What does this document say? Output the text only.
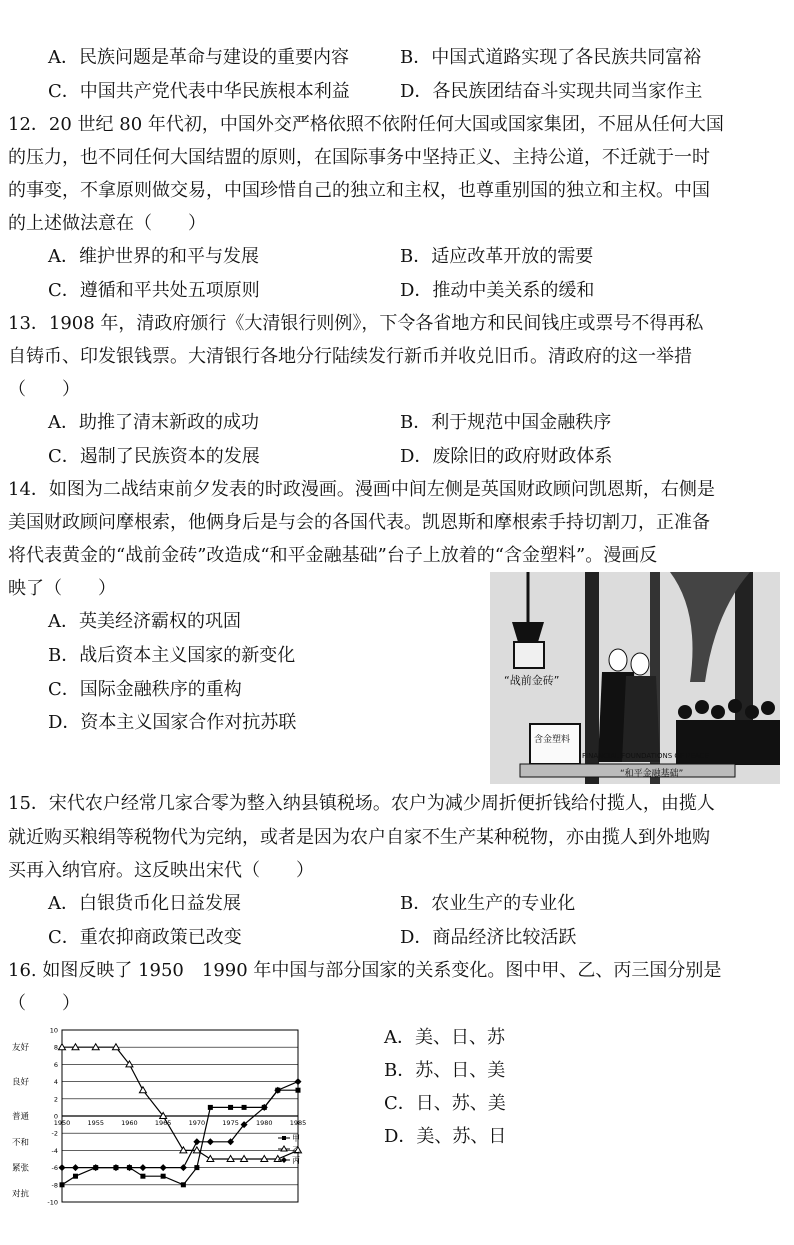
A．民族问题是革命与建设的重要内容	B．中国式道路实现了各民族共同富裕
C．中国共产党代表中华民族根本利益	D．各民族团结奋斗实现共同当家作主
12．20 世纪 80 年代初，中国外交严格依照不依附任何大国或国家集团，不屈从任何大国
的压力，也不同任何大国结盟的原则，在国际事务中坚持正义、主持公道，不迁就于一时
的事变，不拿原则做交易，中国珍惜自己的独立和主权，也尊重别国的独立和主权。中国
的上述做法意在（　　）
A．维护世界的和平与发展	B．适应改革开放的需要
C．遵循和平共处五项原则	D．推动中美关系的缓和
13．1908 年，清政府颁行《大清银行则例》，下令各省地方和民间钱庄或票号不得再私
自铸币、印发银钱票。大清银行各地分行陆续发行新币并收兑旧币。清政府的这一举措
（　　）
A．助推了清末新政的成功	B．利于规范中国金融秩序
C．遏制了民族资本的发展	D．废除旧的政府财政体系
14．如图为二战结束前夕发表的时政漫画。漫画中间左侧是英国财政顾问凯恩斯，右侧是
美国财政顾问摩根索，他俩身后是与会的各国代表。凯恩斯和摩根索手持切割刀，正准备
将代表黄金的“战前金砖”改造成“和平金融基础”台子上放着的“含金塑料”。漫画反
映了（　　）
A．英美经济霸权的巩固
B．战后资本主义国家的新变化
C．国际金融秩序的重构
D．资本主义国家合作对抗苏联
“战前金砖”
含金塑料
FINANCIAL FOUNDATIONS OF PEACE
“和平金融基础”
15．宋代农户经常几家合零为整入纳县镇税场。农户为减少周折便折钱给付揽人，由揽人
就近购买粮绢等税物代为完纳，或者是因为农户自家不生产某种税物，亦由揽人到外地购
买再入纳官府。这反映出宋代（　　）
A．白银货币化日益发展	B．农业生产的专业化
C．重农抑商政策已改变	D．商品经济比较活跃
16. 如图反映了 1950　1990 年中国与部分国家的关系变化。图中甲、乙、丙三国分别是
（　　）
A．美、日、苏
B．苏、日、美
C．日、苏、美
D．美、苏、日
10
8
6
4
2
0
-2
-4
-6
-8
-10
友好
良好
普通
不和
紧张
对抗
1950	1955	1960	1965	1970	1975	1980	1985
甲
乙
丙
